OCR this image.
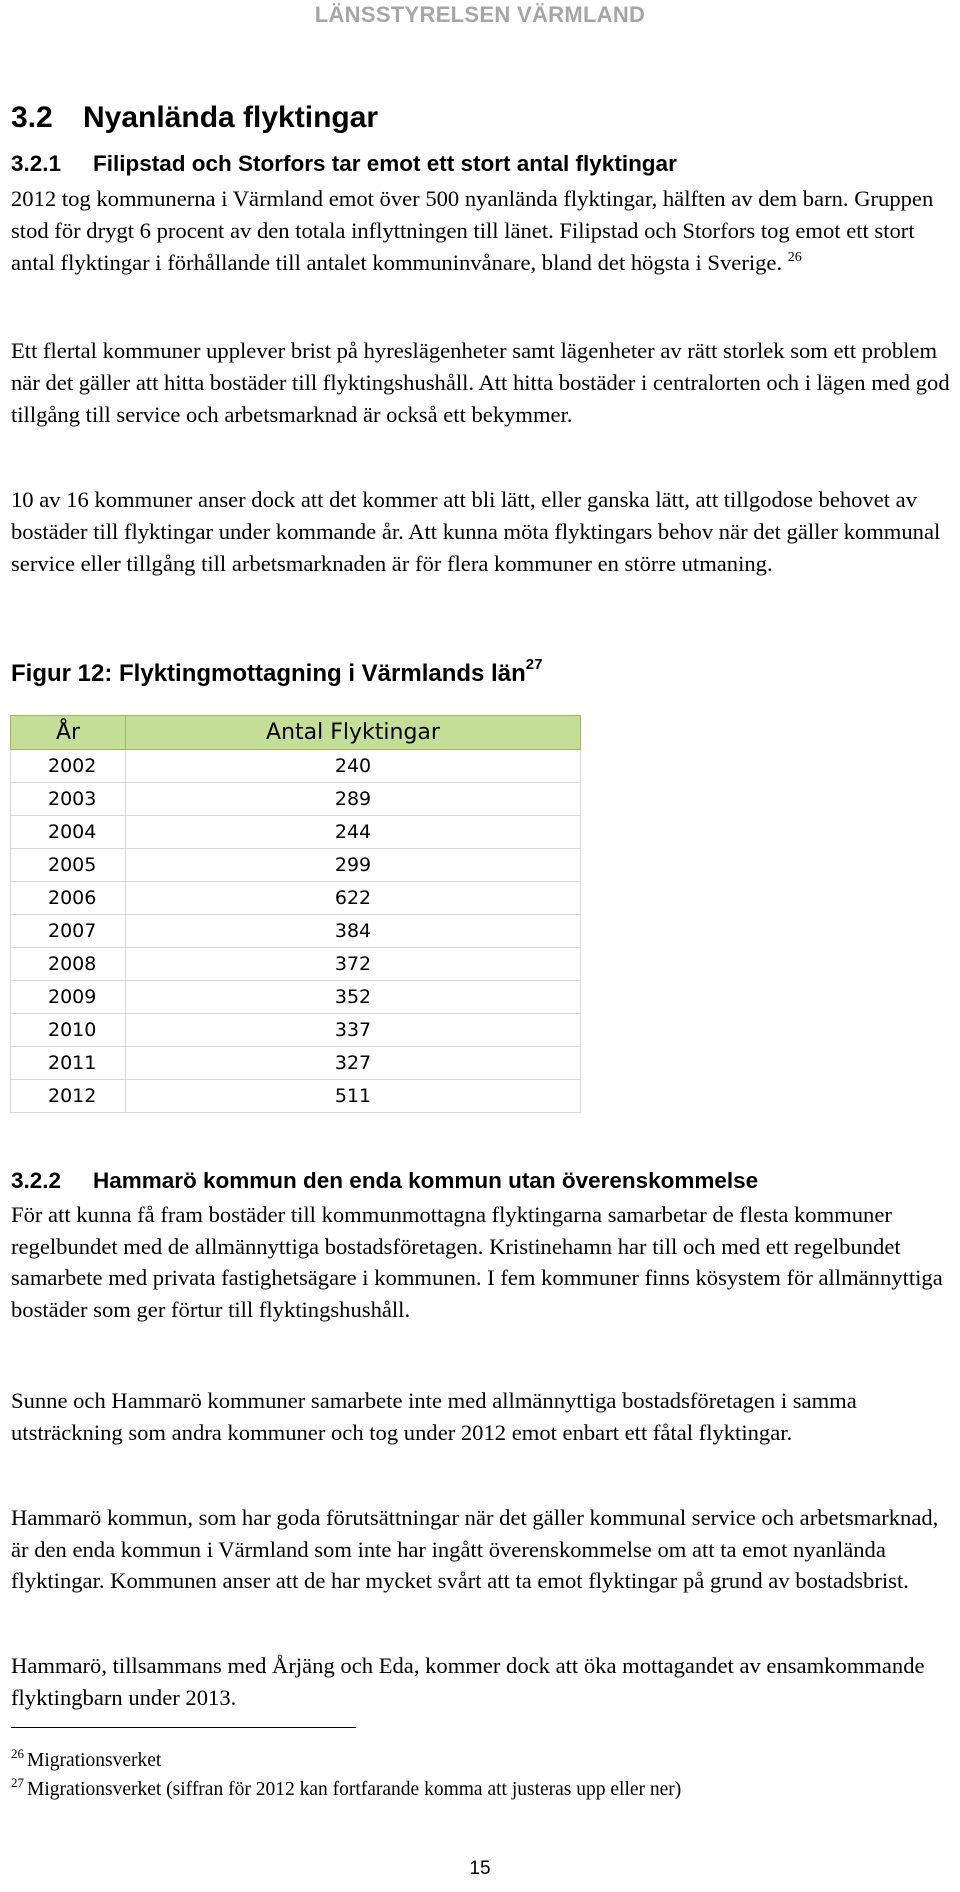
LÄNSSTYRELSEN VÄRMLAND
3.2 Nyanlända flyktingar
3.2.1 Filipstad och Storfors tar emot ett stort antal flyktingar

2012 tog kommunerna i Värmland emot över 500 nyanlända flyktingar, hälften av dem barn. Gruppen stod för drygt 6 procent av den totala inflyttningen till länet. Filipstad och Storfors tog emot ett stort antal flyktingar i förhållande till antalet kommuninvånare, bland det högsta i Sverige. $^{26}$

Ett flertal kommuner upplever brist på hyreslägenheter samt lägenheter av rätt storlek som ett problem när det gäller att hitta bostäder till flyktingshushåll. Att hitta bostäder i centralorten och i lägen med god tillgång till service och arbetsmarknad är också ett bekymmer.

10 av 16 kommuner anser dock att det kommer att bli lätt, eller ganska lätt, att tillgodose behovet av bostäder till flyktingar under kommande år. Att kunna möta flyktingars behov när det gäller kommunal service eller tillgång till arbetsmarknaden är för flera kommuner en större utmaning.

Figur 12: Flyktingmottagning i Värmlands län$^{27}$
År	Antal Flyktingar
2002	240
2003	289
2004	244
2005	299
2006	622
2007	384
2008	372
2009	352
2010	337
2011	327
2012	511
3.2.2 Hammarö kommun den enda kommun utan överenskommelse

För att kunna få fram bostäder till kommunmottagna flyktingarna samarbetar de flesta kommuner regelbundet med de allmännyttiga bostadsföretagen. Kristinehamn har till och med ett regelbundet samarbete med privata fastighetsägare i kommunen. I fem kommuner finns kösystem för allmännyttiga bostäder som ger förtur till flyktingshushåll.

Sunne och Hammarö kommuner samarbete inte med allmännyttiga bostadsföretagen i samma utsträckning som andra kommuner och tog under 2012 emot enbart ett fåtal flyktingar.

Hammarö kommun, som har goda förutsättningar när det gäller kommunal service och arbetsmarknad, är den enda kommun i Värmland som inte har ingått överenskommelse om att ta emot nyanlända flyktingar. Kommunen anser att de har mycket svårt att ta emot flyktingar på grund av bostadsbrist.

Hammarö, tillsammans med Årjäng och Eda, kommer dock att öka mottagandet av ensamkommande flyktingbarn under 2013.

$^{26}$ Migrationsverket
$^{27}$ Migrationsverket (siffran för 2012 kan fortfarande komma att justeras upp eller ner)
15
